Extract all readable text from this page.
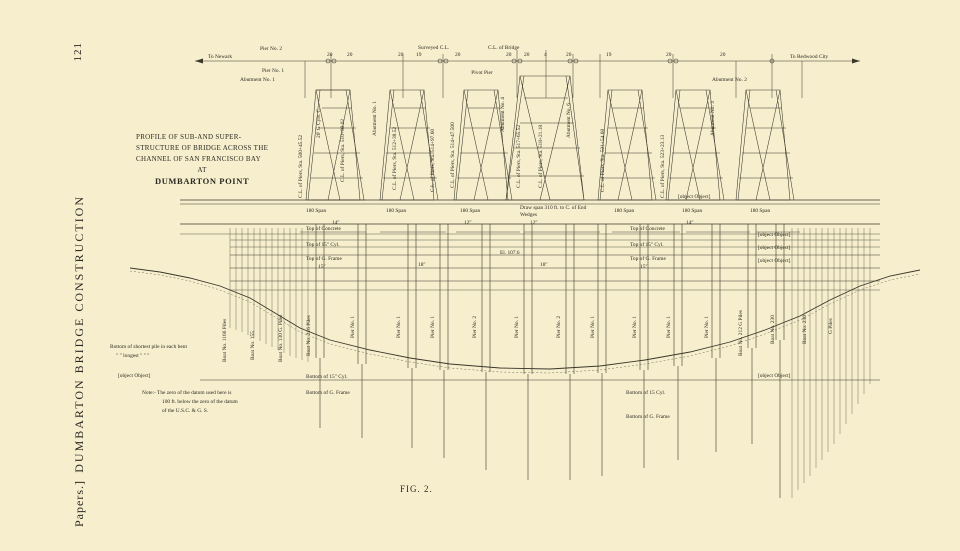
121
DUMBARTON BRIDGE CONSTRUCTION
Papers.]
To Newark	To Redwood City
Pier No. 2
Pier No. 1
Abutment No. 1
Surveyed C.L.	C.L. of Bridge
Pivot Pier
Abutment No. 2
20	20	20 19	20	20 20	4	20	19	20	20
C.L. of Piers, Sta. 500+45.52
20' G Cyls. C.	C.L. of Piers, Sta. 510+80.02
Abutment No. 1
C.L. of Piers, Sta. 512+38.52	C.L. of Piers, Sta. 514+97.60	C.L. of Piers, Sta. 514+47.500
Abutment No. 4
C.L. of Piers, Sta. 517+65.52	C.L. of Piers, Sta. 518+21.18
Abutment No. 6
C.L. of Piers, Sta. 521+54.68	C.L. of Piers, Sta. 523+23.13
Abutment No. 3
180 Span	180 Span	180 Span	Draw span 310 ft. to C. of End Wedges
180 Span	180 Span	180 Span
14″
Top of Concrete
12″	12″
Top of Concrete
14″
Top of 15" Cyl.
Top of G. Frame
Top of 15" Cyl.
Top of G. Frame
El. 107.6
15″	18″	18″	15″
Bottom of 15" Cyl.
Bottom of G. Frame	Bottom of 15 Cyl.
Bottom of G. Frame
[object Object]
[object Object]
[object Object]
[object Object]
[object Object]
[object Object]
Boat No. 1166 Piles	Boat No. 155	Boat No. 130 G. Piles	Boat No. 216 Piles	Pier No. 1	Pier No. 1	Pier No. 1	Pier No. 2	Pier No. 1	Pier No. 2	Pier No. 1	Pier No. 1	Pier No. 1	Pier No. 1	Boat No. 212 G Piles	Boat No. 230	Boat No. 230	G Piles
Bottom of shortest pile in each bent
″ ″ longest ″ ″ ″
Note:- The zero of the datum used here is
100 ft. below the zero of the datum
of the U.S.C. & G. S.
PROFILE OF SUB-AND SUPER-
STRUCTURE OF BRIDGE ACROSS THE
CHANNEL OF SAN FRANCISCO BAY
AT
DUMBARTON POINT
FIG. 2.
